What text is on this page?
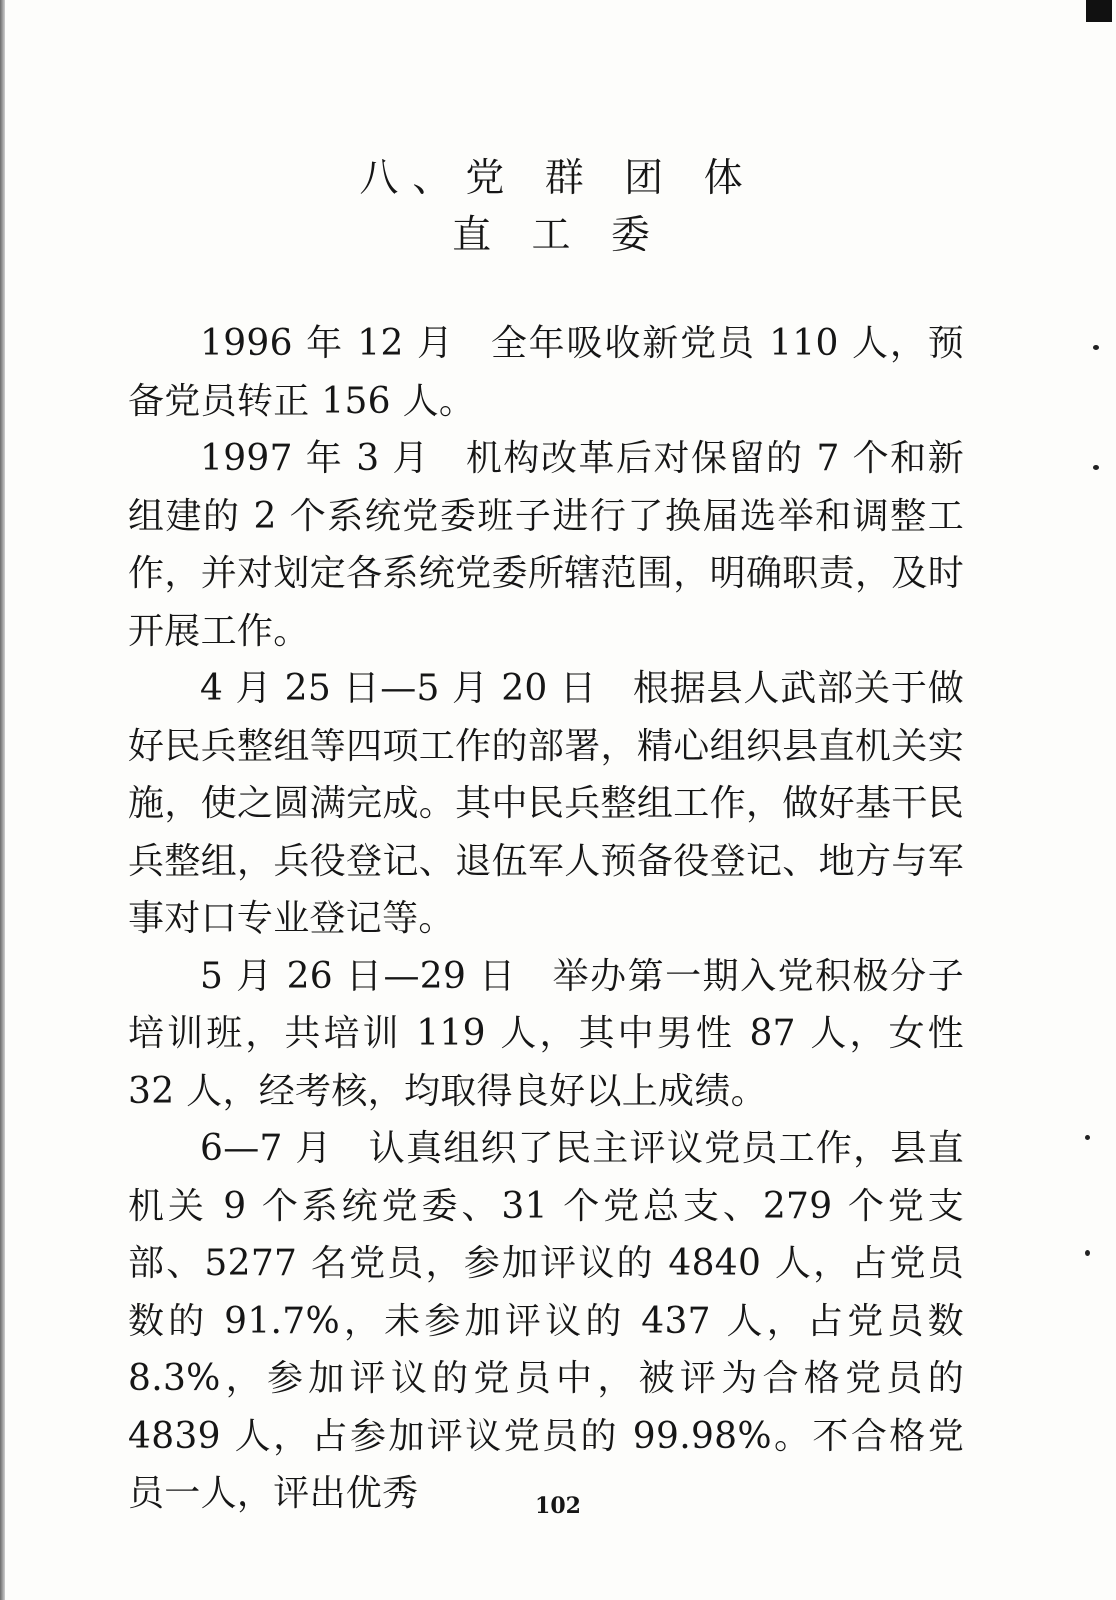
八、党 群 团 体
直 工 委

1996 年 12 月 全年吸收新党员 110 人，预备党员转正 156 人。

1997 年 3 月 机构改革后对保留的 7 个和新组建的 2 个系统党委班子进行了换届选举和调整工作，并对划定各系统党委所辖范围，明确职责，及时开展工作。

4 月 25 日—5 月 20 日 根据县人武部关于做好民兵整组等四项工作的部署，精心组织县直机关实施，使之圆满完成。其中民兵整组工作，做好基干民兵整组，兵役登记、退伍军人预备役登记、地方与军事对口专业登记等。

5 月 26 日—29 日 举办第一期入党积极分子培训班，共培训 119 人，其中男性 87 人，女性 32 人，经考核，均取得良好以上成绩。

6—7 月 认真组织了民主评议党员工作，县直机关 9 个系统党委、31 个党总支、279 个党支部、5277 名党员，参加评议的 4840 人，占党员数的 91.7%，未参加评议的 437 人，占党员数 8.3%，参加评议的党员中，被评为合格党员的 4839 人，占参加评议党员的 99.98%。不合格党员一人，评出优秀	102
